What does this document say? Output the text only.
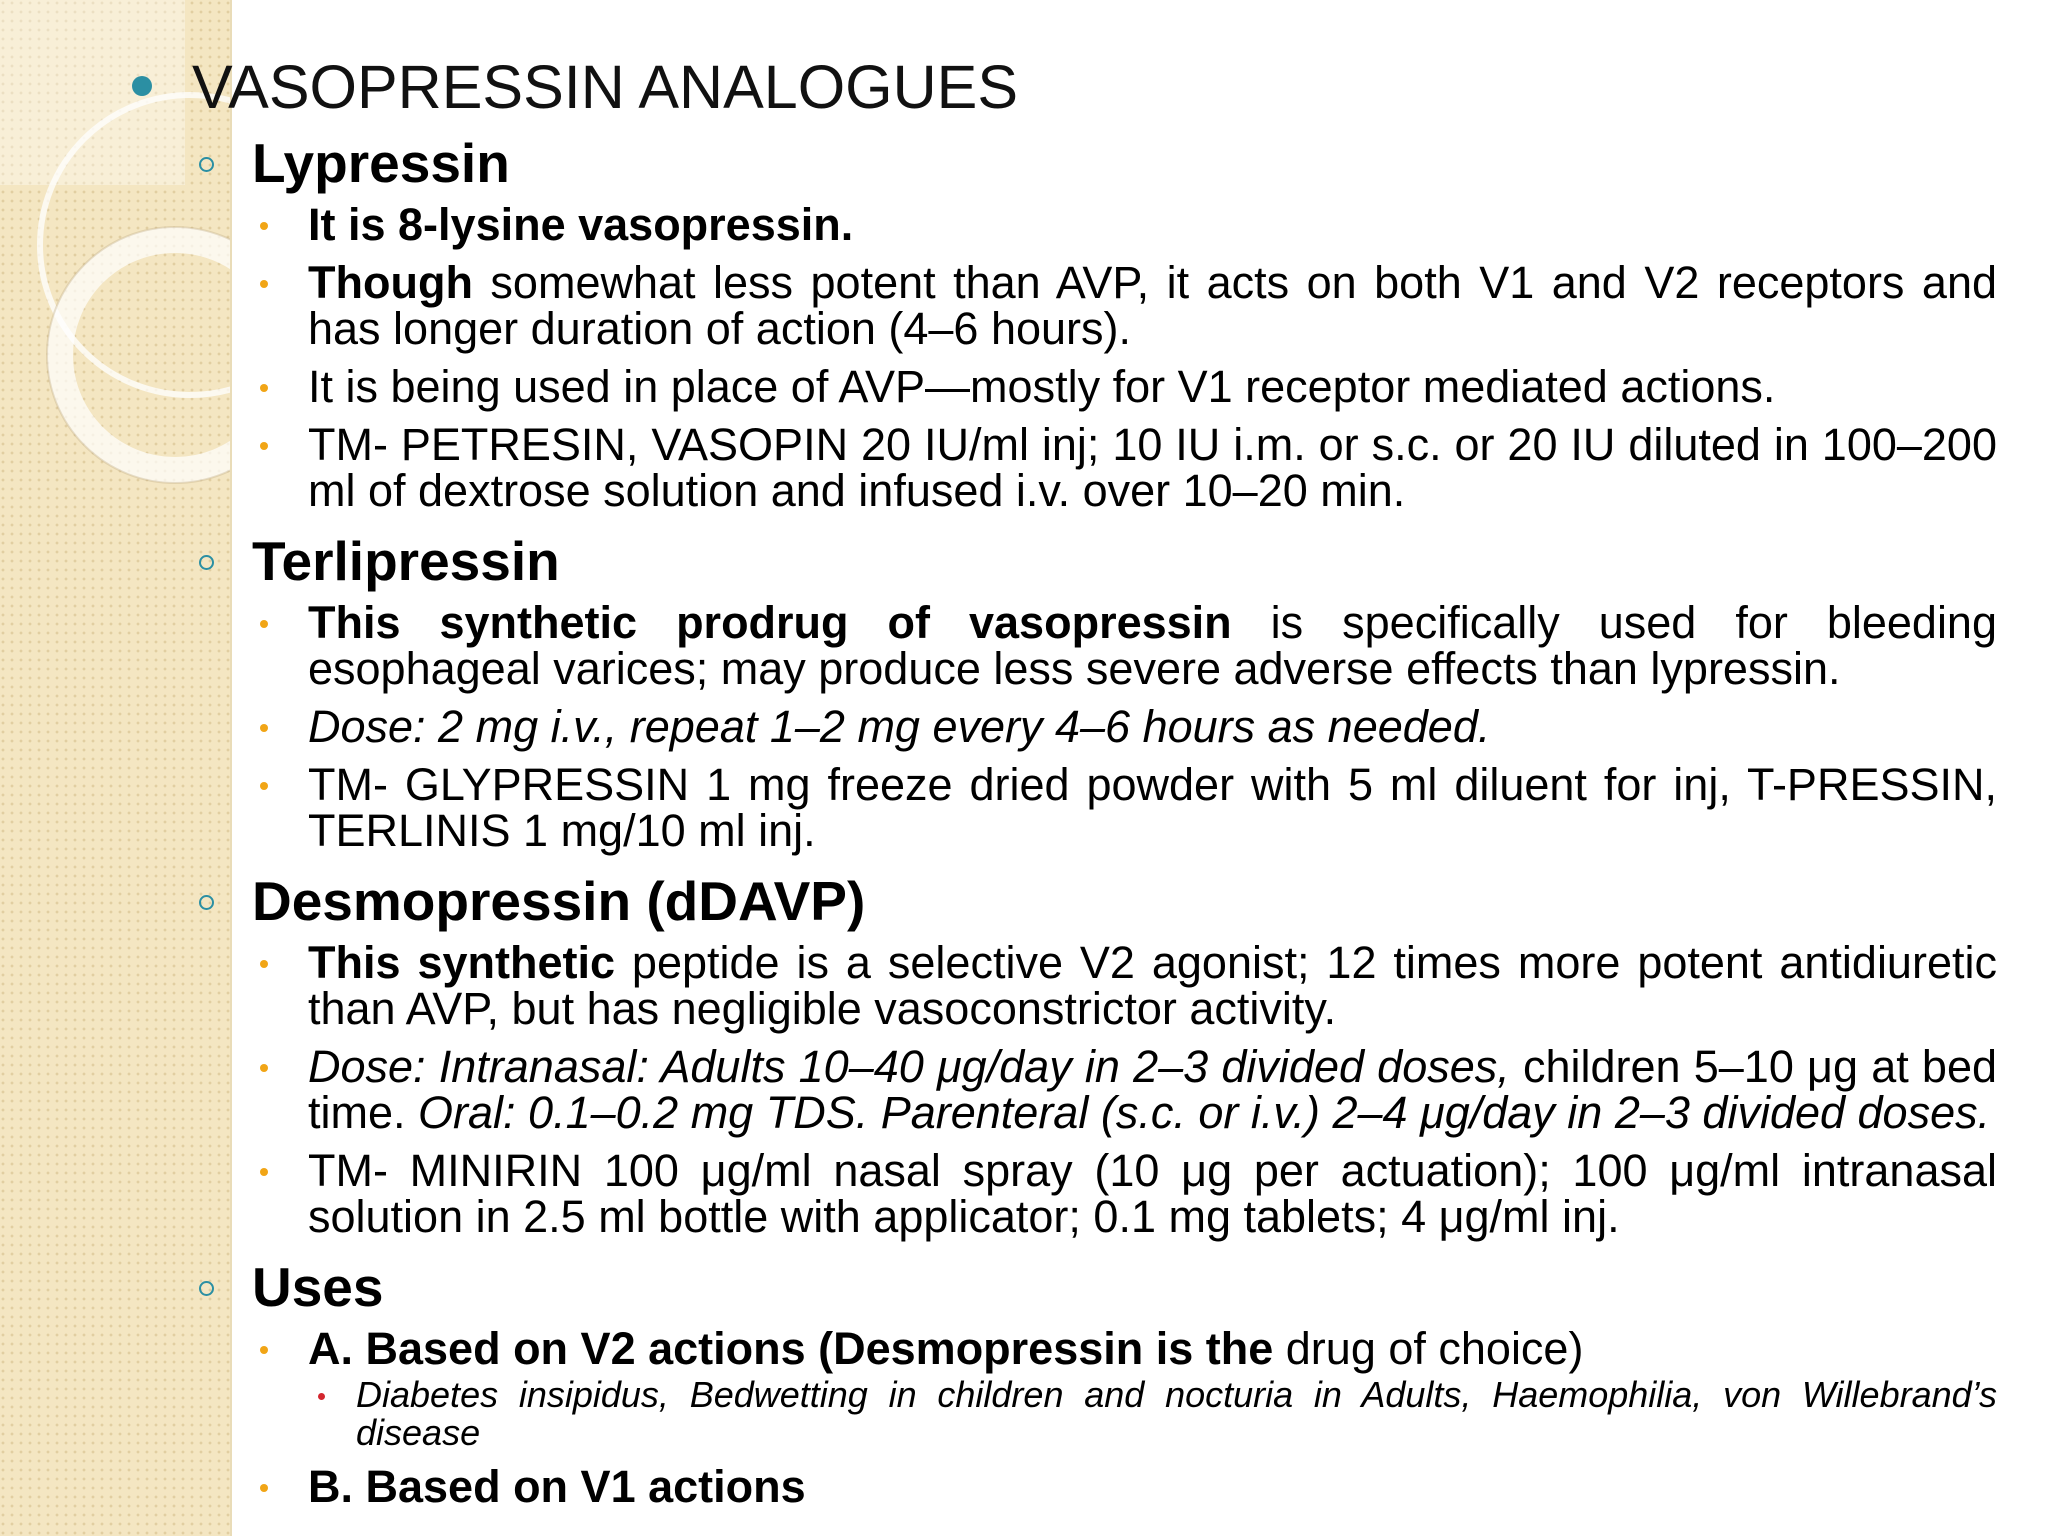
VASOPRESSIN ANALOGUES
Lypressin
It is 8-lysine vasopressin.
Though somewhat less potent than AVP, it acts on both V1 and V2 receptors and has longer duration of action (4–6 hours).
It is being used in place of AVP—mostly for V1 receptor mediated actions.
TM- PETRESIN, VASOPIN 20 IU/ml inj; 10 IU i.m. or s.c. or 20 IU diluted in 100–200 ml of dextrose solution and infused i.v. over 10–20 min.
Terlipressin
This synthetic prodrug of vasopressin is specifically used for bleeding esophageal varices; may produce less severe adverse effects than lypressin.
Dose: 2 mg i.v., repeat 1–2 mg every 4–6 hours as needed.
TM- GLYPRESSIN 1 mg freeze dried powder with 5 ml diluent for inj, T-PRESSIN, TERLINIS 1 mg/10 ml inj.
Desmopressin (dDAVP)
This synthetic peptide is a selective V2 agonist; 12 times more potent antidiuretic than AVP, but has negligible vasoconstrictor activity.
Dose: Intranasal: Adults 10–40 μg/day in 2–3 divided doses, children 5–10 μg at bed time. Oral: 0.1–0.2 mg TDS. Parenteral (s.c. or i.v.) 2–4 μg/day in 2–3 divided doses.
TM- MINIRIN 100 μg/ml nasal spray (10 μg per actuation); 100 μg/ml intranasal solution in 2.5 ml bottle with applicator; 0.1 mg tablets; 4 μg/ml inj.
Uses
A. Based on V2 actions (Desmopressin is the drug of choice)
Diabetes insipidus, Bedwetting in children and nocturia in Adults, Haemophilia, von Willebrand’s disease
B. Based on V1 actions
